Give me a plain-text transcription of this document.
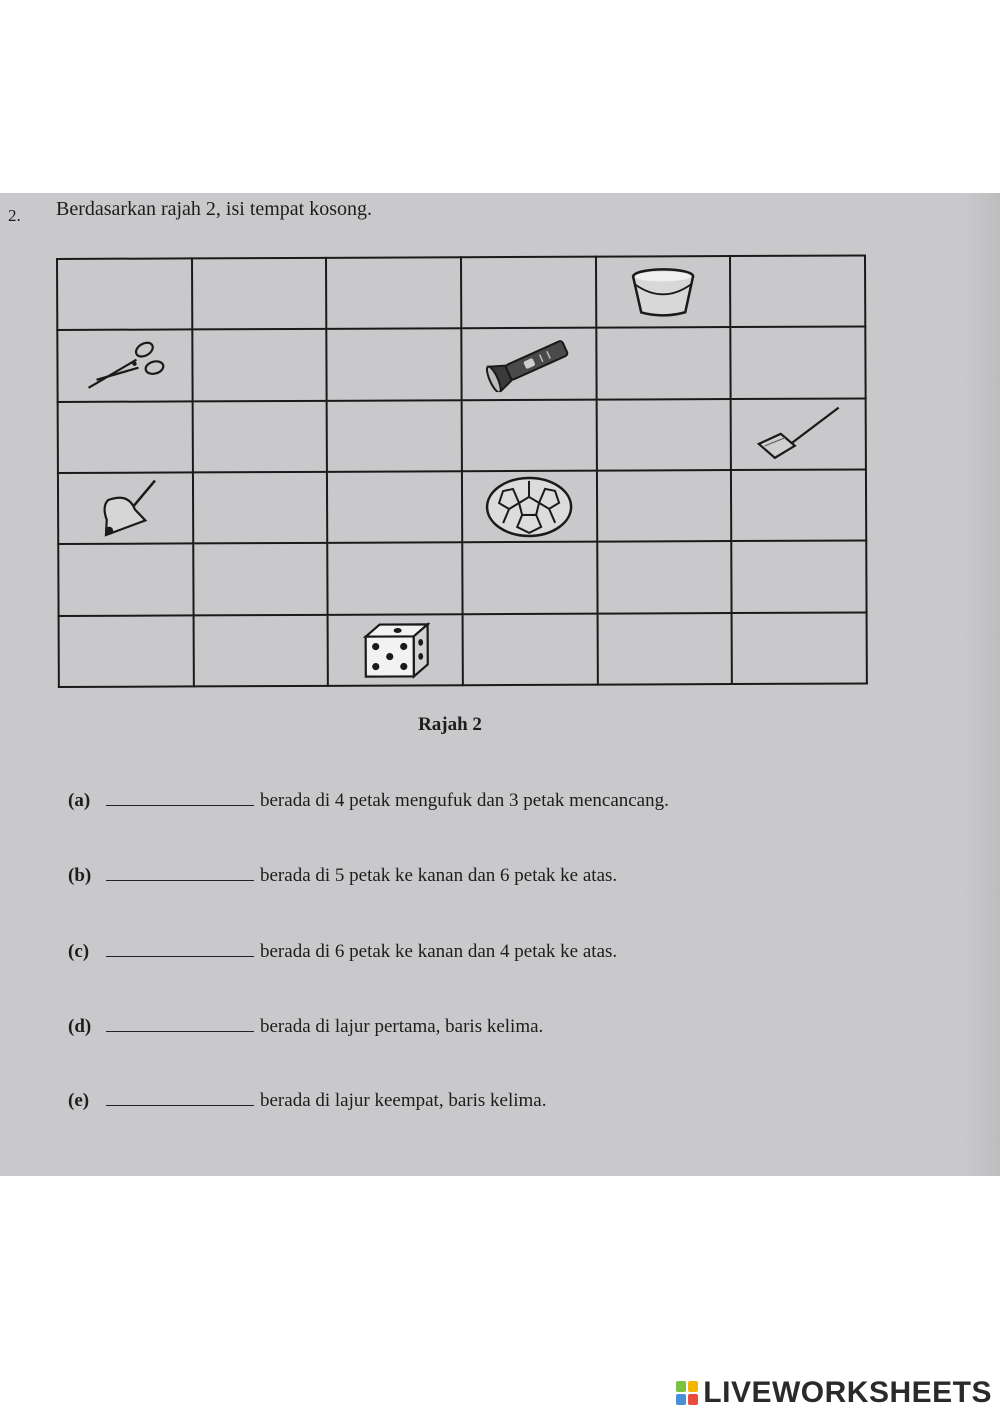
2. Berdasarkan rajah 2, isi tempat kosong.

Rajah 2
(a)	berada di 4 petak mengufuk dan 3 petak mencancang.
(b)	berada di 5 petak ke kanan dan 6 petak ke atas.
(c)	berada di 6 petak ke kanan dan 4 petak ke atas.
(d)	berada di lajur pertama, baris kelima.
(e)	berada di lajur keempat, baris kelima.
LIVEWORKSHEETS
